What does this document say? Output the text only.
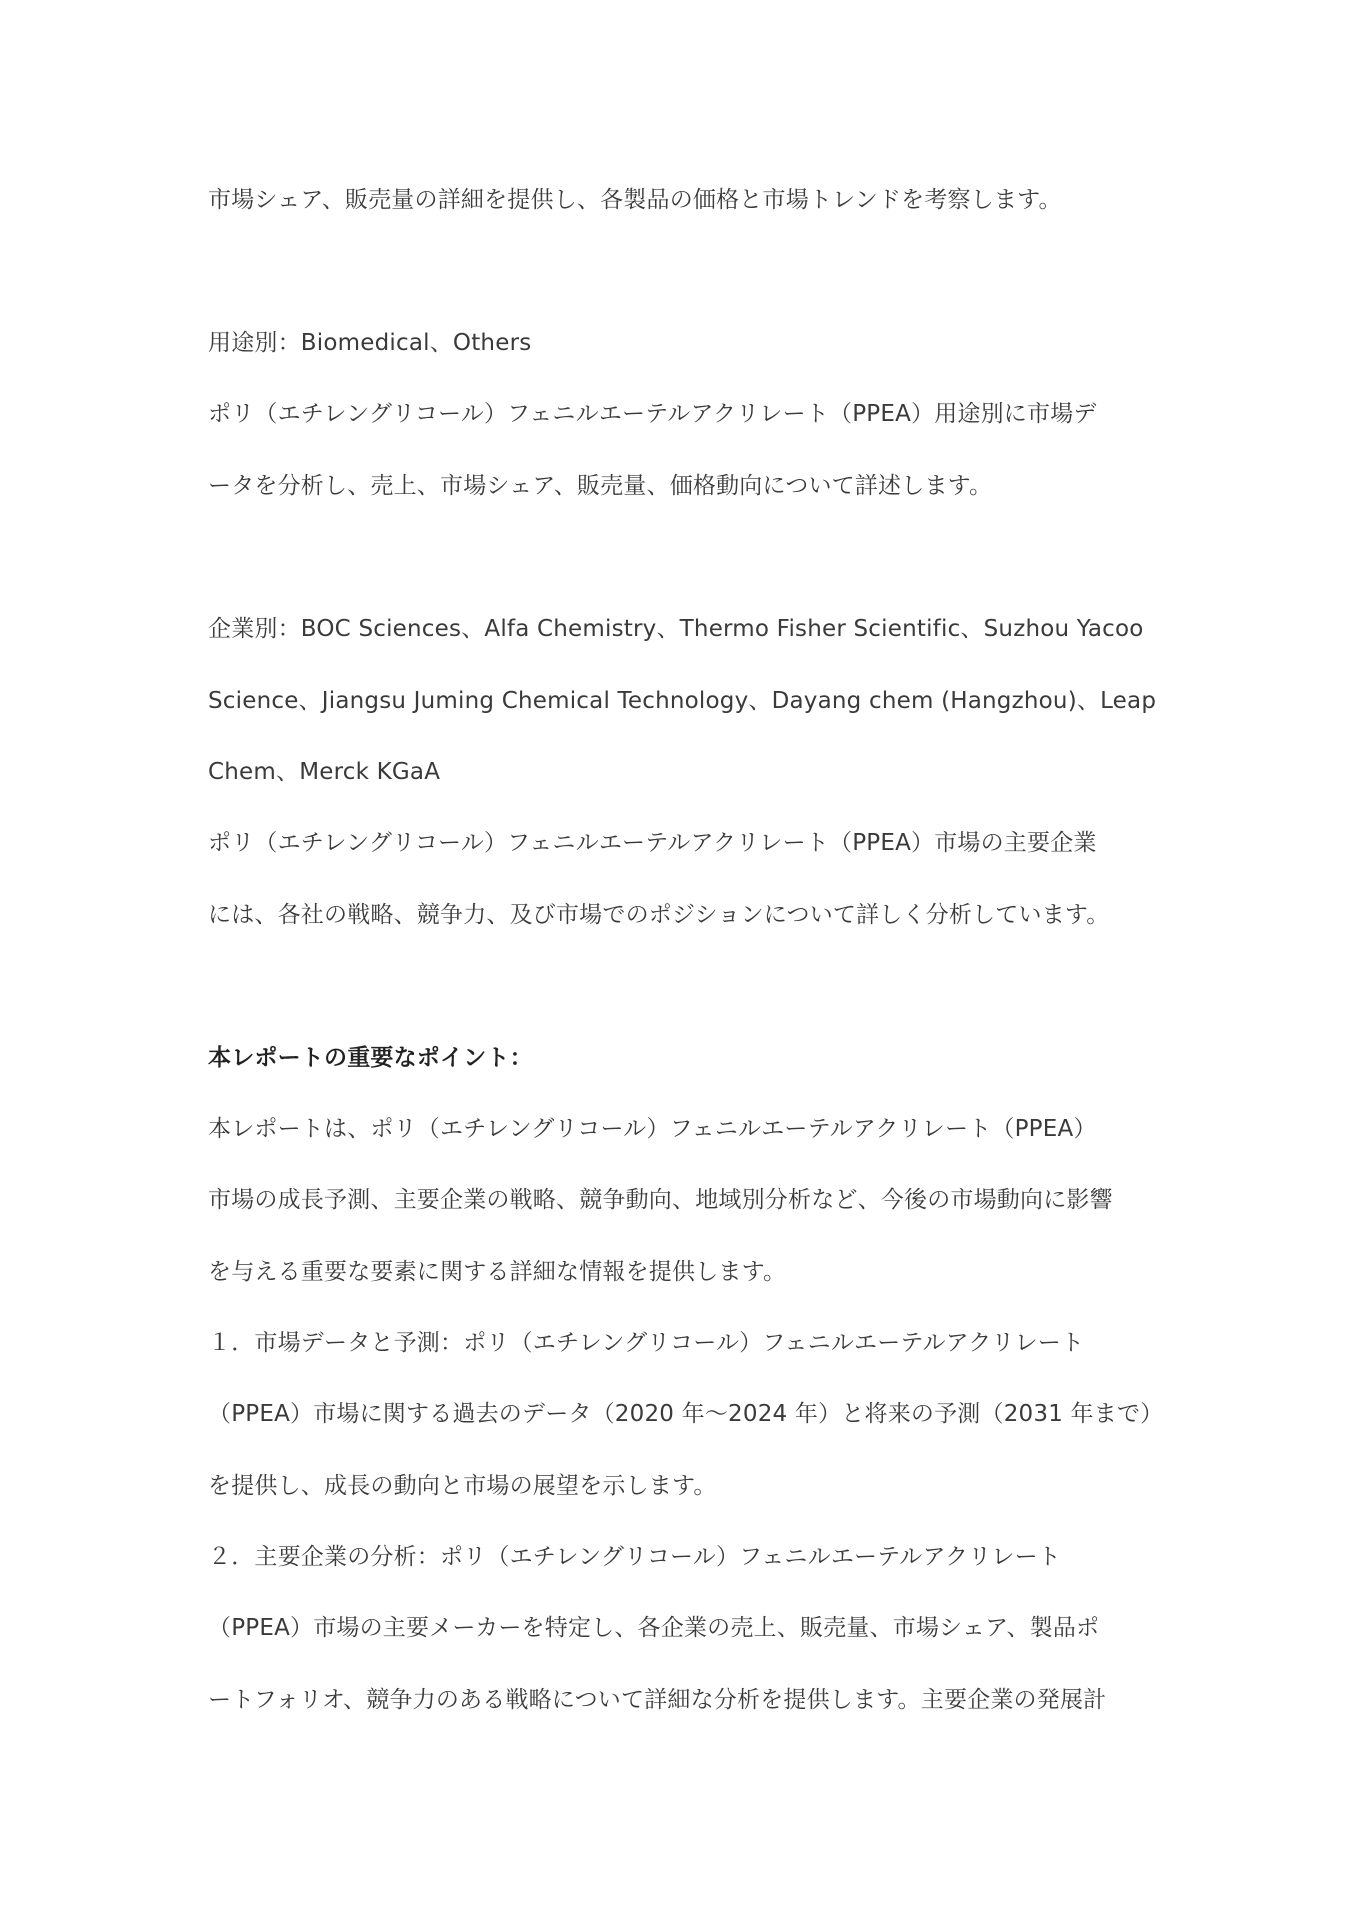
市場シェア、販売量の詳細を提供し、各製品の価格と市場トレンドを考察します。
用途別：Biomedical、Others
ポリ（エチレングリコール）フェニルエーテルアクリレート（PPEA）用途別に市場デ
ータを分析し、売上、市場シェア、販売量、価格動向について詳述します。
企業別：BOC Sciences、Alfa Chemistry、Thermo Fisher Scientific、Suzhou Yacoo
Science、Jiangsu Juming Chemical Technology、Dayang chem (Hangzhou)、Leap
Chem、Merck KGaA
ポリ（エチレングリコール）フェニルエーテルアクリレート（PPEA）市場の主要企業
には、各社の戦略、競争力、及び市場でのポジションについて詳しく分析しています。
本レポートの重要なポイント：
本レポートは、ポリ（エチレングリコール）フェニルエーテルアクリレート（PPEA）
市場の成長予測、主要企業の戦略、競争動向、地域別分析など、今後の市場動向に影響
を与える重要な要素に関する詳細な情報を提供します。
１．市場データと予測：ポリ（エチレングリコール）フェニルエーテルアクリレート
（PPEA）市場に関する過去のデータ（2020 年～2024 年）と将来の予測（2031 年まで）
を提供し、成長の動向と市場の展望を示します。
２．主要企業の分析：ポリ（エチレングリコール）フェニルエーテルアクリレート
（PPEA）市場の主要メーカーを特定し、各企業の売上、販売量、市場シェア、製品ポ
ートフォリオ、競争力のある戦略について詳細な分析を提供します。主要企業の発展計
